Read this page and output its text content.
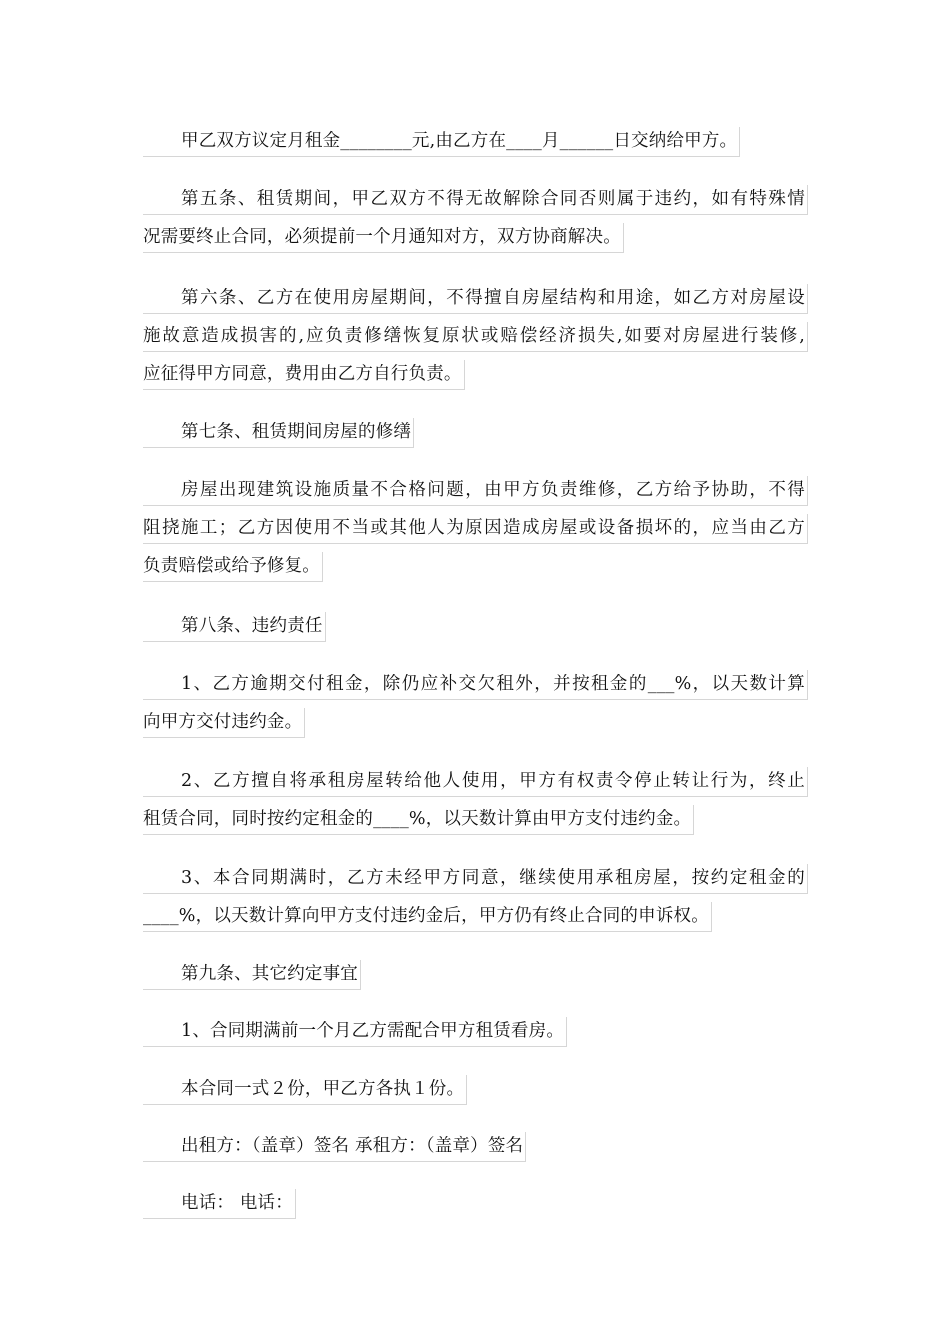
甲乙双方议定月租金________元,由乙方在____月______日交纳给甲方。
第五条、租赁期间，甲乙双方不得无故解除合同否则属于违约，如有特殊情
况需要终止合同，必须提前一个月通知对方，双方协商解决。
第六条、乙方在使用房屋期间，不得擅自房屋结构和用途，如乙方对房屋设
施故意造成损害的,应负责修缮恢复原状或赔偿经济损失,如要对房屋进行装修,
应征得甲方同意，费用由乙方自行负责。
第七条、租赁期间房屋的修缮
房屋出现建筑设施质量不合格问题，由甲方负责维修，乙方给予协助，不得
阻挠施工；乙方因使用不当或其他人为原因造成房屋或设备损坏的，应当由乙方
负责赔偿或给予修复。
第八条、违约责任
1、乙方逾期交付租金，除仍应补交欠租外，并按租金的___%，以天数计算
向甲方交付违约金。
2、乙方擅自将承租房屋转给他人使用，甲方有权责令停止转让行为，终止
租赁合同，同时按约定租金的____%，以天数计算由甲方支付违约金。
3、本合同期满时，乙方未经甲方同意，继续使用承租房屋，按约定租金的
____%，以天数计算向甲方支付违约金后，甲方仍有终止合同的申诉权。
第九条、其它约定事宜
1、合同期满前一个月乙方需配合甲方租赁看房。
本合同一式２份，甲乙方各执１份。
出租方：（盖章）签名 承租方：（盖章）签名
电话： 电话：
